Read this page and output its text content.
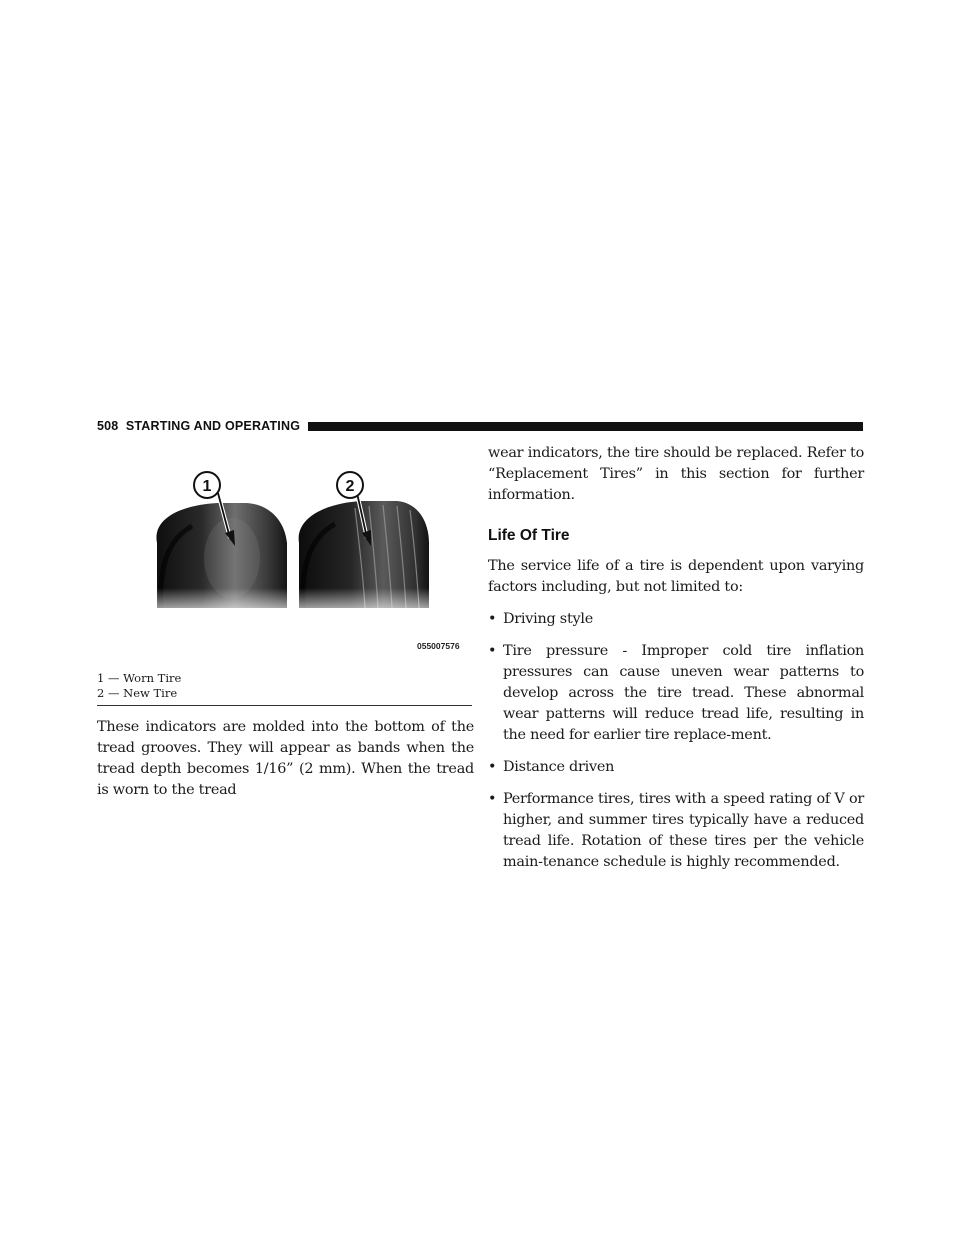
508 STARTING AND OPERATING
1	2
055007576
1 — Worn Tire
2 — New Tire

These indicators are molded into the bottom of the tread grooves. They will appear as bands when the tread depth becomes 1/16” (2 mm). When the tread is worn to the tread

wear indicators, the tire should be replaced. Refer to “Replacement Tires” in this section for further information.

Life Of Tire

The service life of a tire is dependent upon varying factors including, but not limited to:

• Driving style
• Tire pressure - Improper cold tire inflation pressures can cause uneven wear patterns to develop across the tire tread. These abnormal wear patterns will reduce tread life, resulting in the need for earlier tire replace-ment.
• Distance driven
• Performance tires, tires with a speed rating of V or higher, and summer tires typically have a reduced tread life. Rotation of these tires per the vehicle main-tenance schedule is highly recommended.
